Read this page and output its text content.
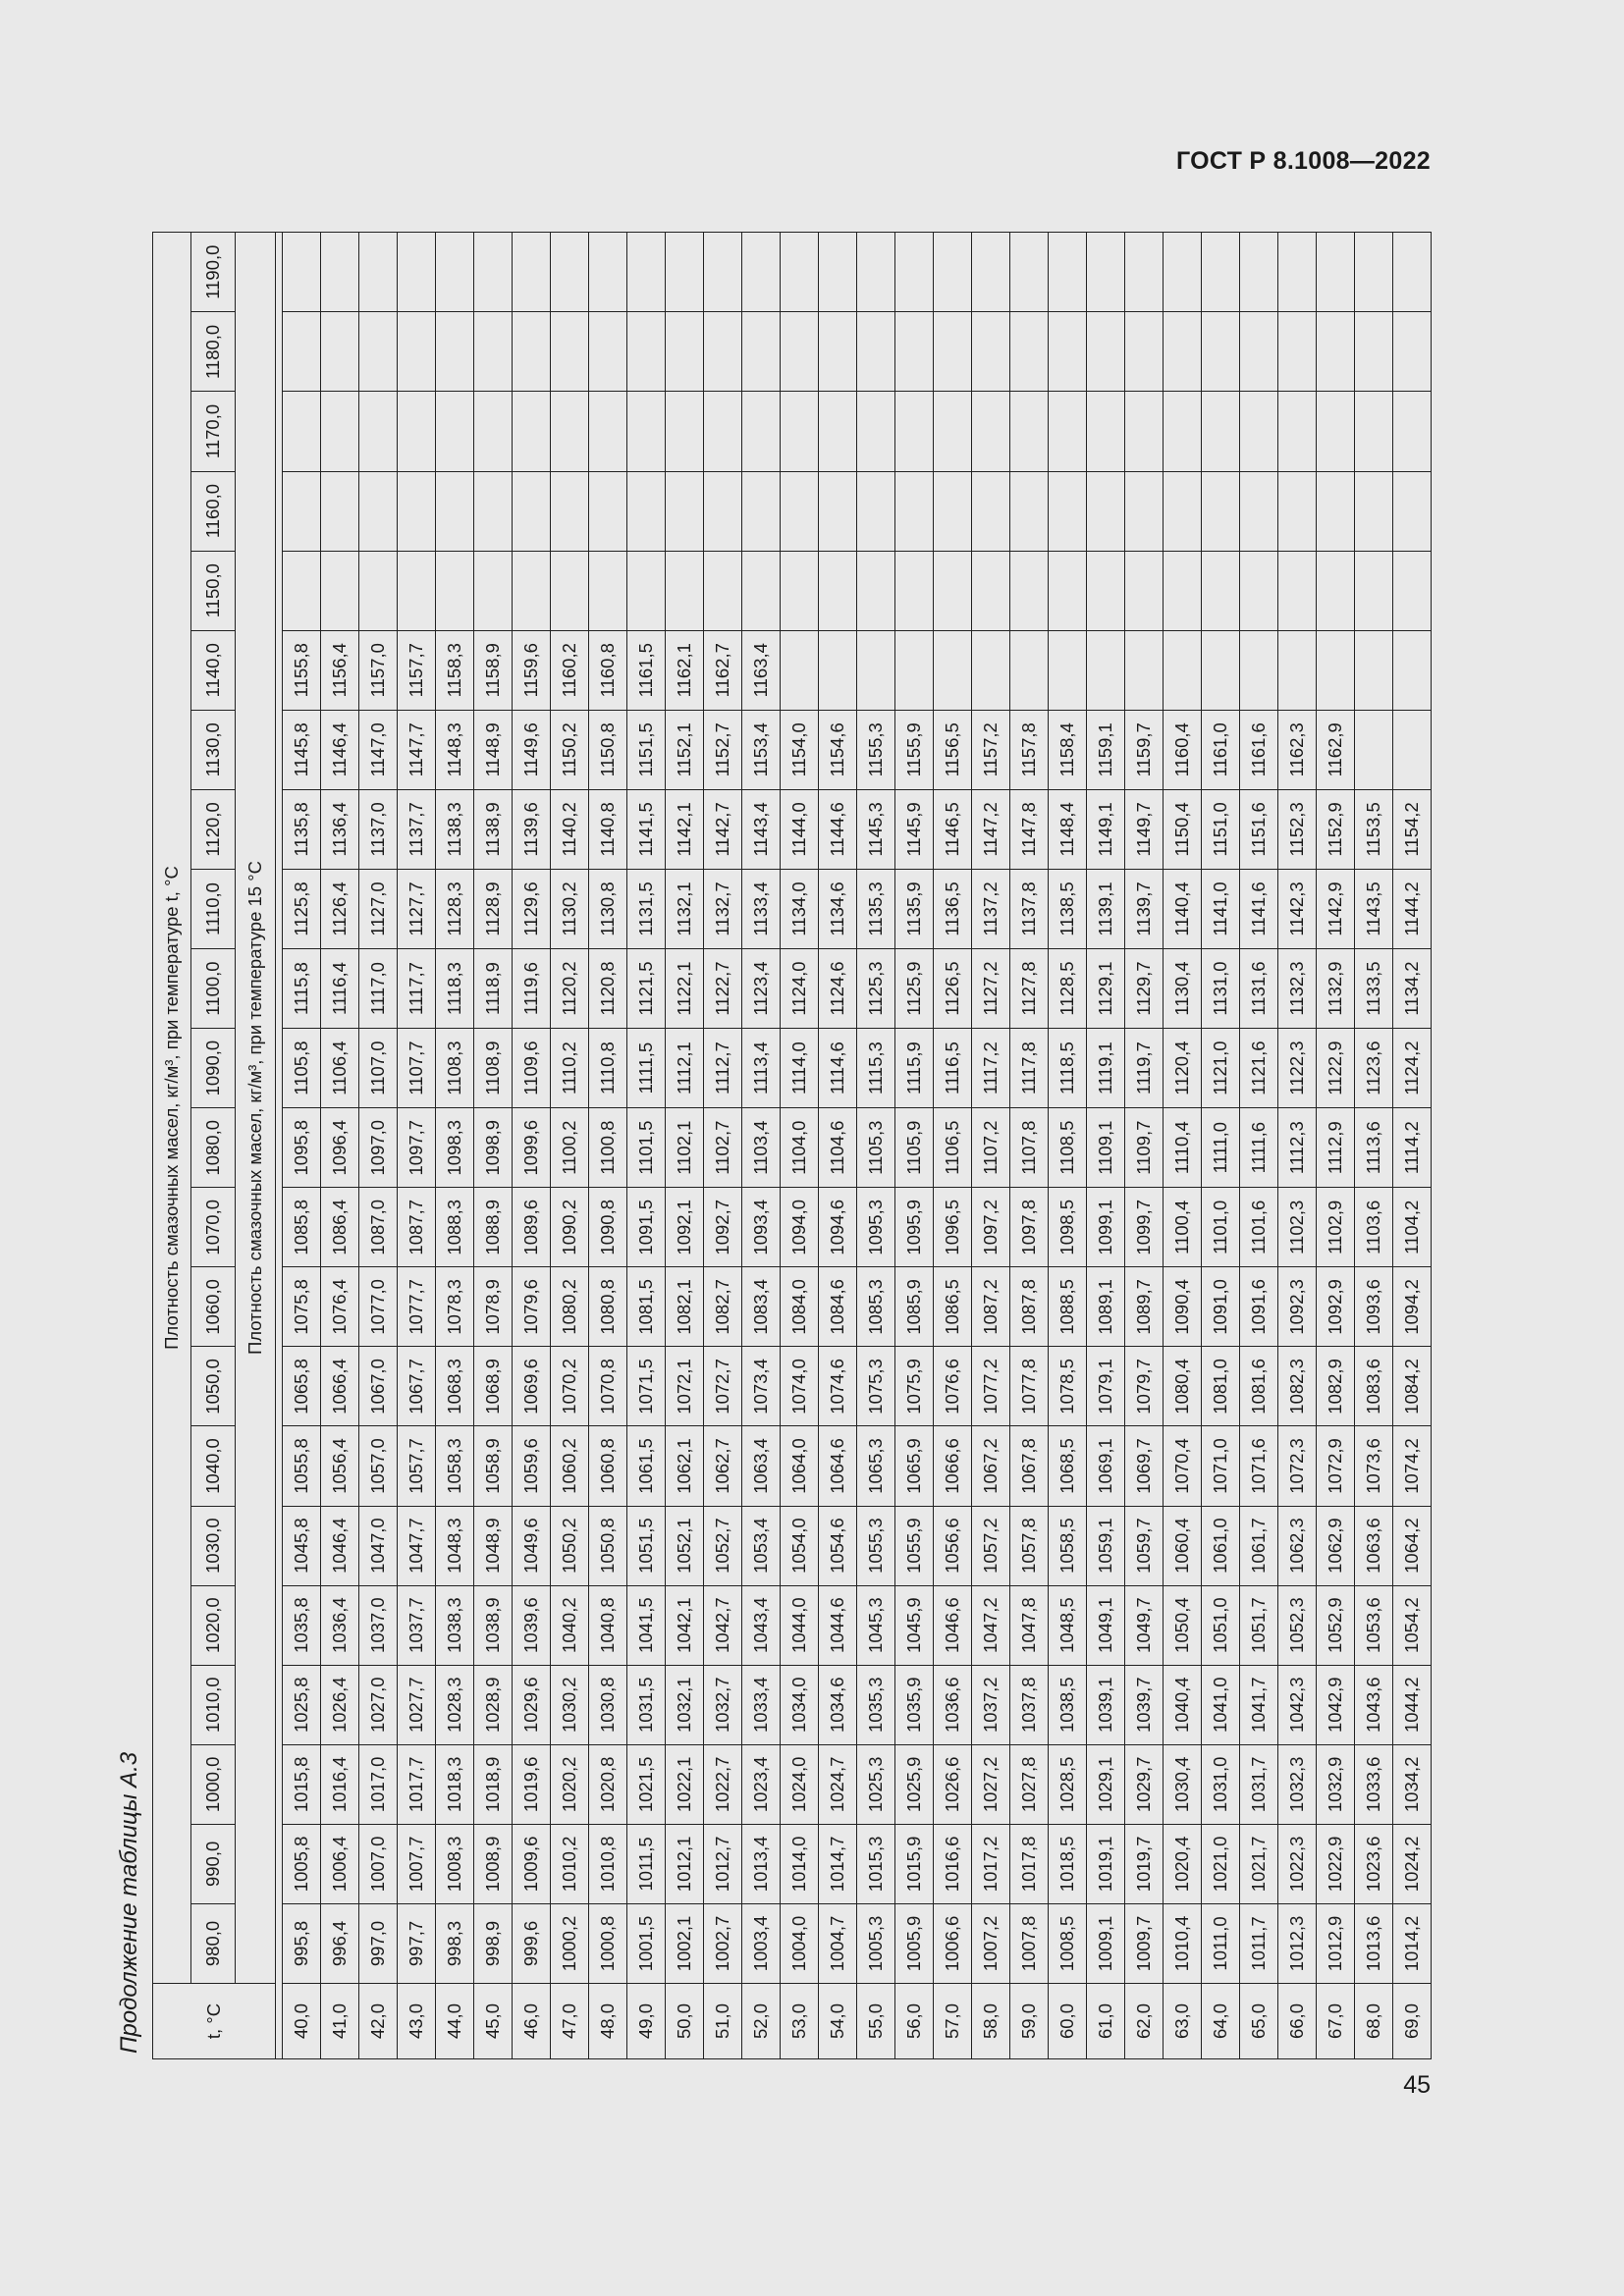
ГОСТ Р 8.1008—2022
45
Продолжение таблицы А.3	t, °C	Плотность смазочных масел, кг/м³, при температуре t, °C																					
	980,0	990,0	1000,0	1010,0	1020,0	1030,0	1040,0	1050,0	1060,0	1070,0	1080,0	1090,0	1100,0	1110,0	1120,0	1130,0	1140,0	1150,0	1160,0	1170,0	1180,0	1190,0
	Плотность смазочных масел, кг/м³, при температуре 15 °C																					

40,0	995,8	1005,8	1015,8	1025,8	1035,8	1045,8	1055,8	1065,8	1075,8	1085,8	1095,8	1105,8	1115,8	1125,8	1135,8	1145,8	1155,8					
41,0	996,4	1006,4	1016,4	1026,4	1036,4	1046,4	1056,4	1066,4	1076,4	1086,4	1096,4	1106,4	1116,4	1126,4	1136,4	1146,4	1156,4					
42,0	997,0	1007,0	1017,0	1027,0	1037,0	1047,0	1057,0	1067,0	1077,0	1087,0	1097,0	1107,0	1117,0	1127,0	1137,0	1147,0	1157,0					
43,0	997,7	1007,7	1017,7	1027,7	1037,7	1047,7	1057,7	1067,7	1077,7	1087,7	1097,7	1107,7	1117,7	1127,7	1137,7	1147,7	1157,7					
44,0	998,3	1008,3	1018,3	1028,3	1038,3	1048,3	1058,3	1068,3	1078,3	1088,3	1098,3	1108,3	1118,3	1128,3	1138,3	1148,3	1158,3					
45,0	998,9	1008,9	1018,9	1028,9	1038,9	1048,9	1058,9	1068,9	1078,9	1088,9	1098,9	1108,9	1118,9	1128,9	1138,9	1148,9	1158,9					
46,0	999,6	1009,6	1019,6	1029,6	1039,6	1049,6	1059,6	1069,6	1079,6	1089,6	1099,6	1109,6	1119,6	1129,6	1139,6	1149,6	1159,6					
47,0	1000,2	1010,2	1020,2	1030,2	1040,2	1050,2	1060,2	1070,2	1080,2	1090,2	1100,2	1110,2	1120,2	1130,2	1140,2	1150,2	1160,2					
48,0	1000,8	1010,8	1020,8	1030,8	1040,8	1050,8	1060,8	1070,8	1080,8	1090,8	1100,8	1110,8	1120,8	1130,8	1140,8	1150,8	1160,8					
49,0	1001,5	1011,5	1021,5	1031,5	1041,5	1051,5	1061,5	1071,5	1081,5	1091,5	1101,5	1111,5	1121,5	1131,5	1141,5	1151,5	1161,5					
50,0	1002,1	1012,1	1022,1	1032,1	1042,1	1052,1	1062,1	1072,1	1082,1	1092,1	1102,1	1112,1	1122,1	1132,1	1142,1	1152,1	1162,1					
51,0	1002,7	1012,7	1022,7	1032,7	1042,7	1052,7	1062,7	1072,7	1082,7	1092,7	1102,7	1112,7	1122,7	1132,7	1142,7	1152,7	1162,7					
52,0	1003,4	1013,4	1023,4	1033,4	1043,4	1053,4	1063,4	1073,4	1083,4	1093,4	1103,4	1113,4	1123,4	1133,4	1143,4	1153,4	1163,4					
53,0	1004,0	1014,0	1024,0	1034,0	1044,0	1054,0	1064,0	1074,0	1084,0	1094,0	1104,0	1114,0	1124,0	1134,0	1144,0	1154,0						
54,0	1004,7	1014,7	1024,7	1034,6	1044,6	1054,6	1064,6	1074,6	1084,6	1094,6	1104,6	1114,6	1124,6	1134,6	1144,6	1154,6						
55,0	1005,3	1015,3	1025,3	1035,3	1045,3	1055,3	1065,3	1075,3	1085,3	1095,3	1105,3	1115,3	1125,3	1135,3	1145,3	1155,3						
56,0	1005,9	1015,9	1025,9	1035,9	1045,9	1055,9	1065,9	1075,9	1085,9	1095,9	1105,9	1115,9	1125,9	1135,9	1145,9	1155,9						
57,0	1006,6	1016,6	1026,6	1036,6	1046,6	1056,6	1066,6	1076,6	1086,5	1096,5	1106,5	1116,5	1126,5	1136,5	1146,5	1156,5						
58,0	1007,2	1017,2	1027,2	1037,2	1047,2	1057,2	1067,2	1077,2	1087,2	1097,2	1107,2	1117,2	1127,2	1137,2	1147,2	1157,2						
59,0	1007,8	1017,8	1027,8	1037,8	1047,8	1057,8	1067,8	1077,8	1087,8	1097,8	1107,8	1117,8	1127,8	1137,8	1147,8	1157,8						
60,0	1008,5	1018,5	1028,5	1038,5	1048,5	1058,5	1068,5	1078,5	1088,5	1098,5	1108,5	1118,5	1128,5	1138,5	1148,4	1158,4						
61,0	1009,1	1019,1	1029,1	1039,1	1049,1	1059,1	1069,1	1079,1	1089,1	1099,1	1109,1	1119,1	1129,1	1139,1	1149,1	1159,1						
62,0	1009,7	1019,7	1029,7	1039,7	1049,7	1059,7	1069,7	1079,7	1089,7	1099,7	1109,7	1119,7	1129,7	1139,7	1149,7	1159,7						
63,0	1010,4	1020,4	1030,4	1040,4	1050,4	1060,4	1070,4	1080,4	1090,4	1100,4	1110,4	1120,4	1130,4	1140,4	1150,4	1160,4						
64,0	1011,0	1021,0	1031,0	1041,0	1051,0	1061,0	1071,0	1081,0	1091,0	1101,0	1111,0	1121,0	1131,0	1141,0	1151,0	1161,0						
65,0	1011,7	1021,7	1031,7	1041,7	1051,7	1061,7	1071,6	1081,6	1091,6	1101,6	1111,6	1121,6	1131,6	1141,6	1151,6	1161,6						
66,0	1012,3	1022,3	1032,3	1042,3	1052,3	1062,3	1072,3	1082,3	1092,3	1102,3	1112,3	1122,3	1132,3	1142,3	1152,3	1162,3						
67,0	1012,9	1022,9	1032,9	1042,9	1052,9	1062,9	1072,9	1082,9	1092,9	1102,9	1112,9	1122,9	1132,9	1142,9	1152,9	1162,9						
68,0	1013,6	1023,6	1033,6	1043,6	1053,6	1063,6	1073,6	1083,6	1093,6	1103,6	1113,6	1123,6	1133,5	1143,5	1153,5							
69,0	1014,2	1024,2	1034,2	1044,2	1054,2	1064,2	1074,2	1084,2	1094,2	1104,2	1114,2	1124,2	1134,2	1144,2	1154,2							
